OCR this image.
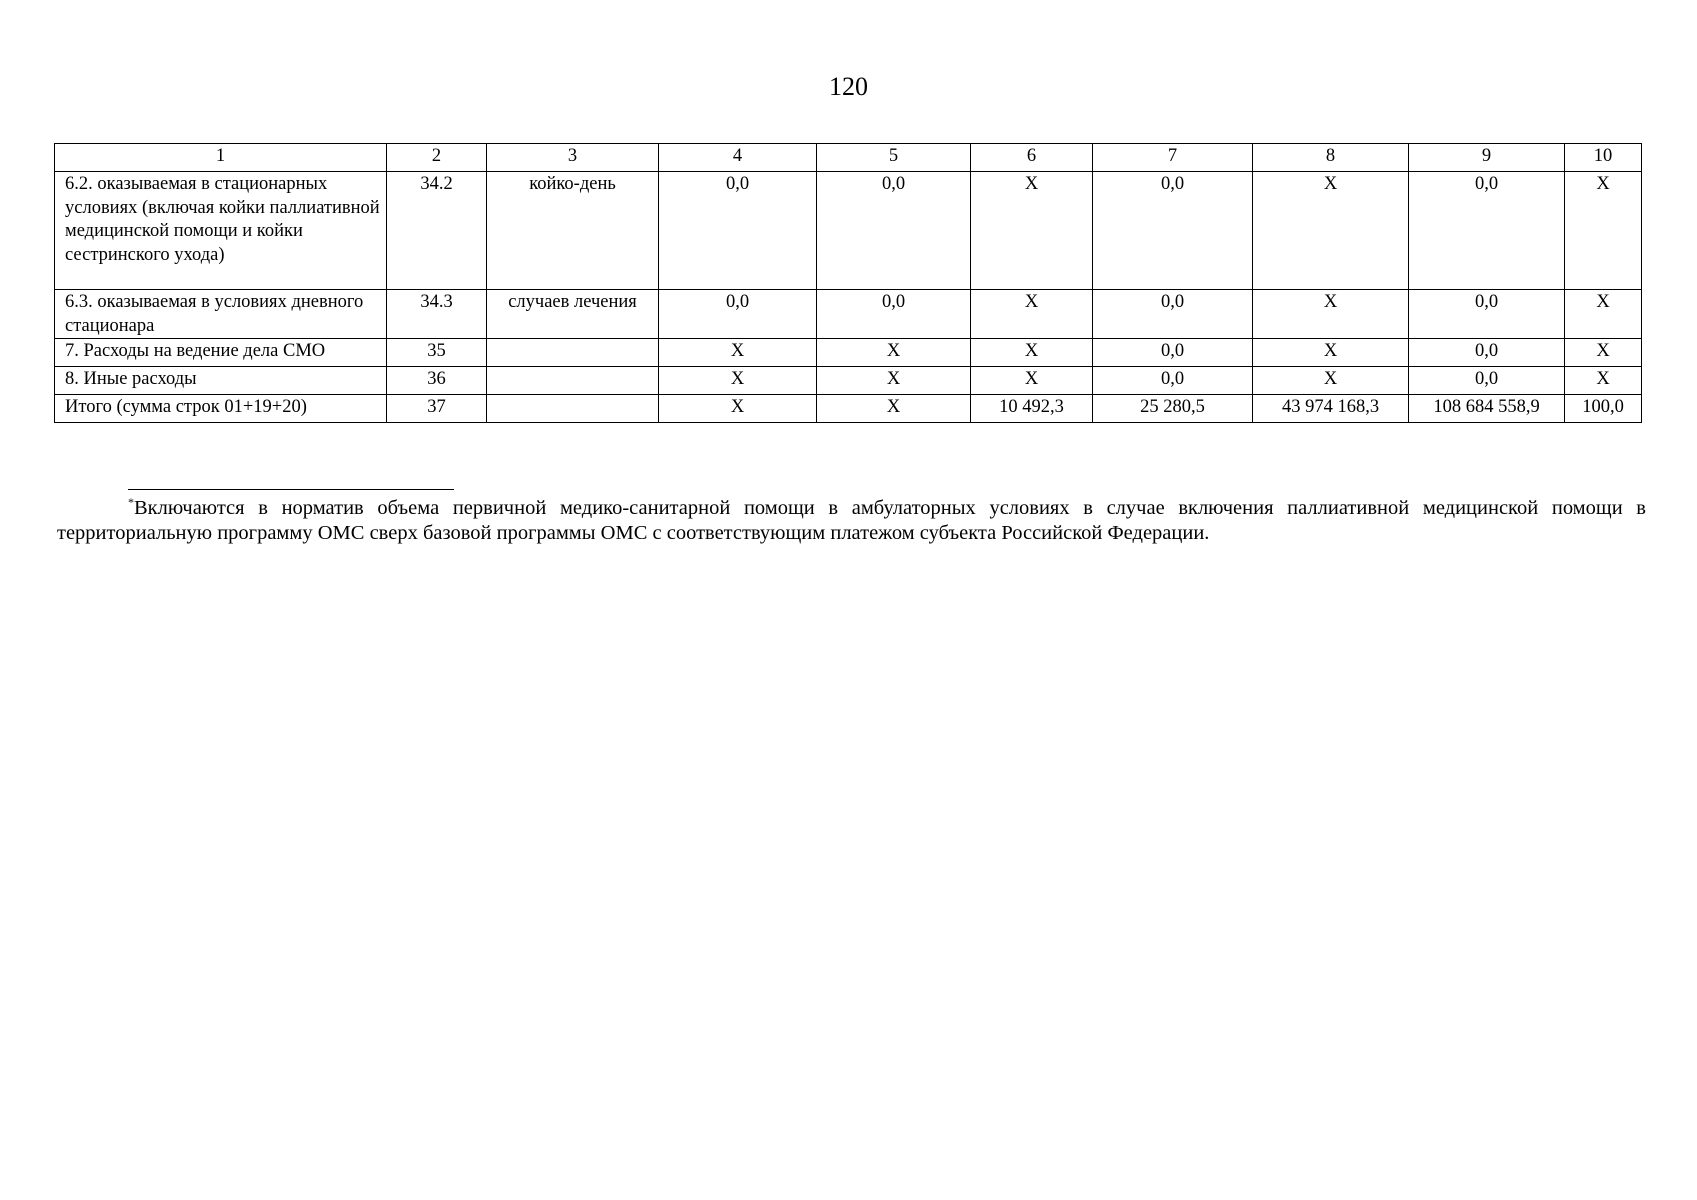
120
1	2	3	4	5	6	7	8	9	10
6.2. оказываемая в стационарных условиях (включая койки паллиативной медицинской помощи и койки сестринского ухода)	34.2	койко-день	0,0	0,0	Х	0,0	Х	0,0	Х
6.3. оказываемая в условиях дневного стационара	34.3	случаев лечения	0,0	0,0	Х	0,0	Х	0,0	Х
7. Расходы на ведение дела СМО	35		Х	Х	Х	0,0	Х	0,0	Х
8. Иные расходы	36		Х	Х	Х	0,0	Х	0,0	Х
Итого (сумма строк 01+19+20)	37		Х	Х	10 492,3	25 280,5	43 974 168,3	108 684 558,9	100,0
*Включаются в норматив объема первичной медико-санитарной помощи в амбулаторных условиях в случае включения паллиативной медицинской помощи в территориальную программу ОМС сверх базовой программы ОМС с соответствующим платежом субъекта Российской Федерации.
